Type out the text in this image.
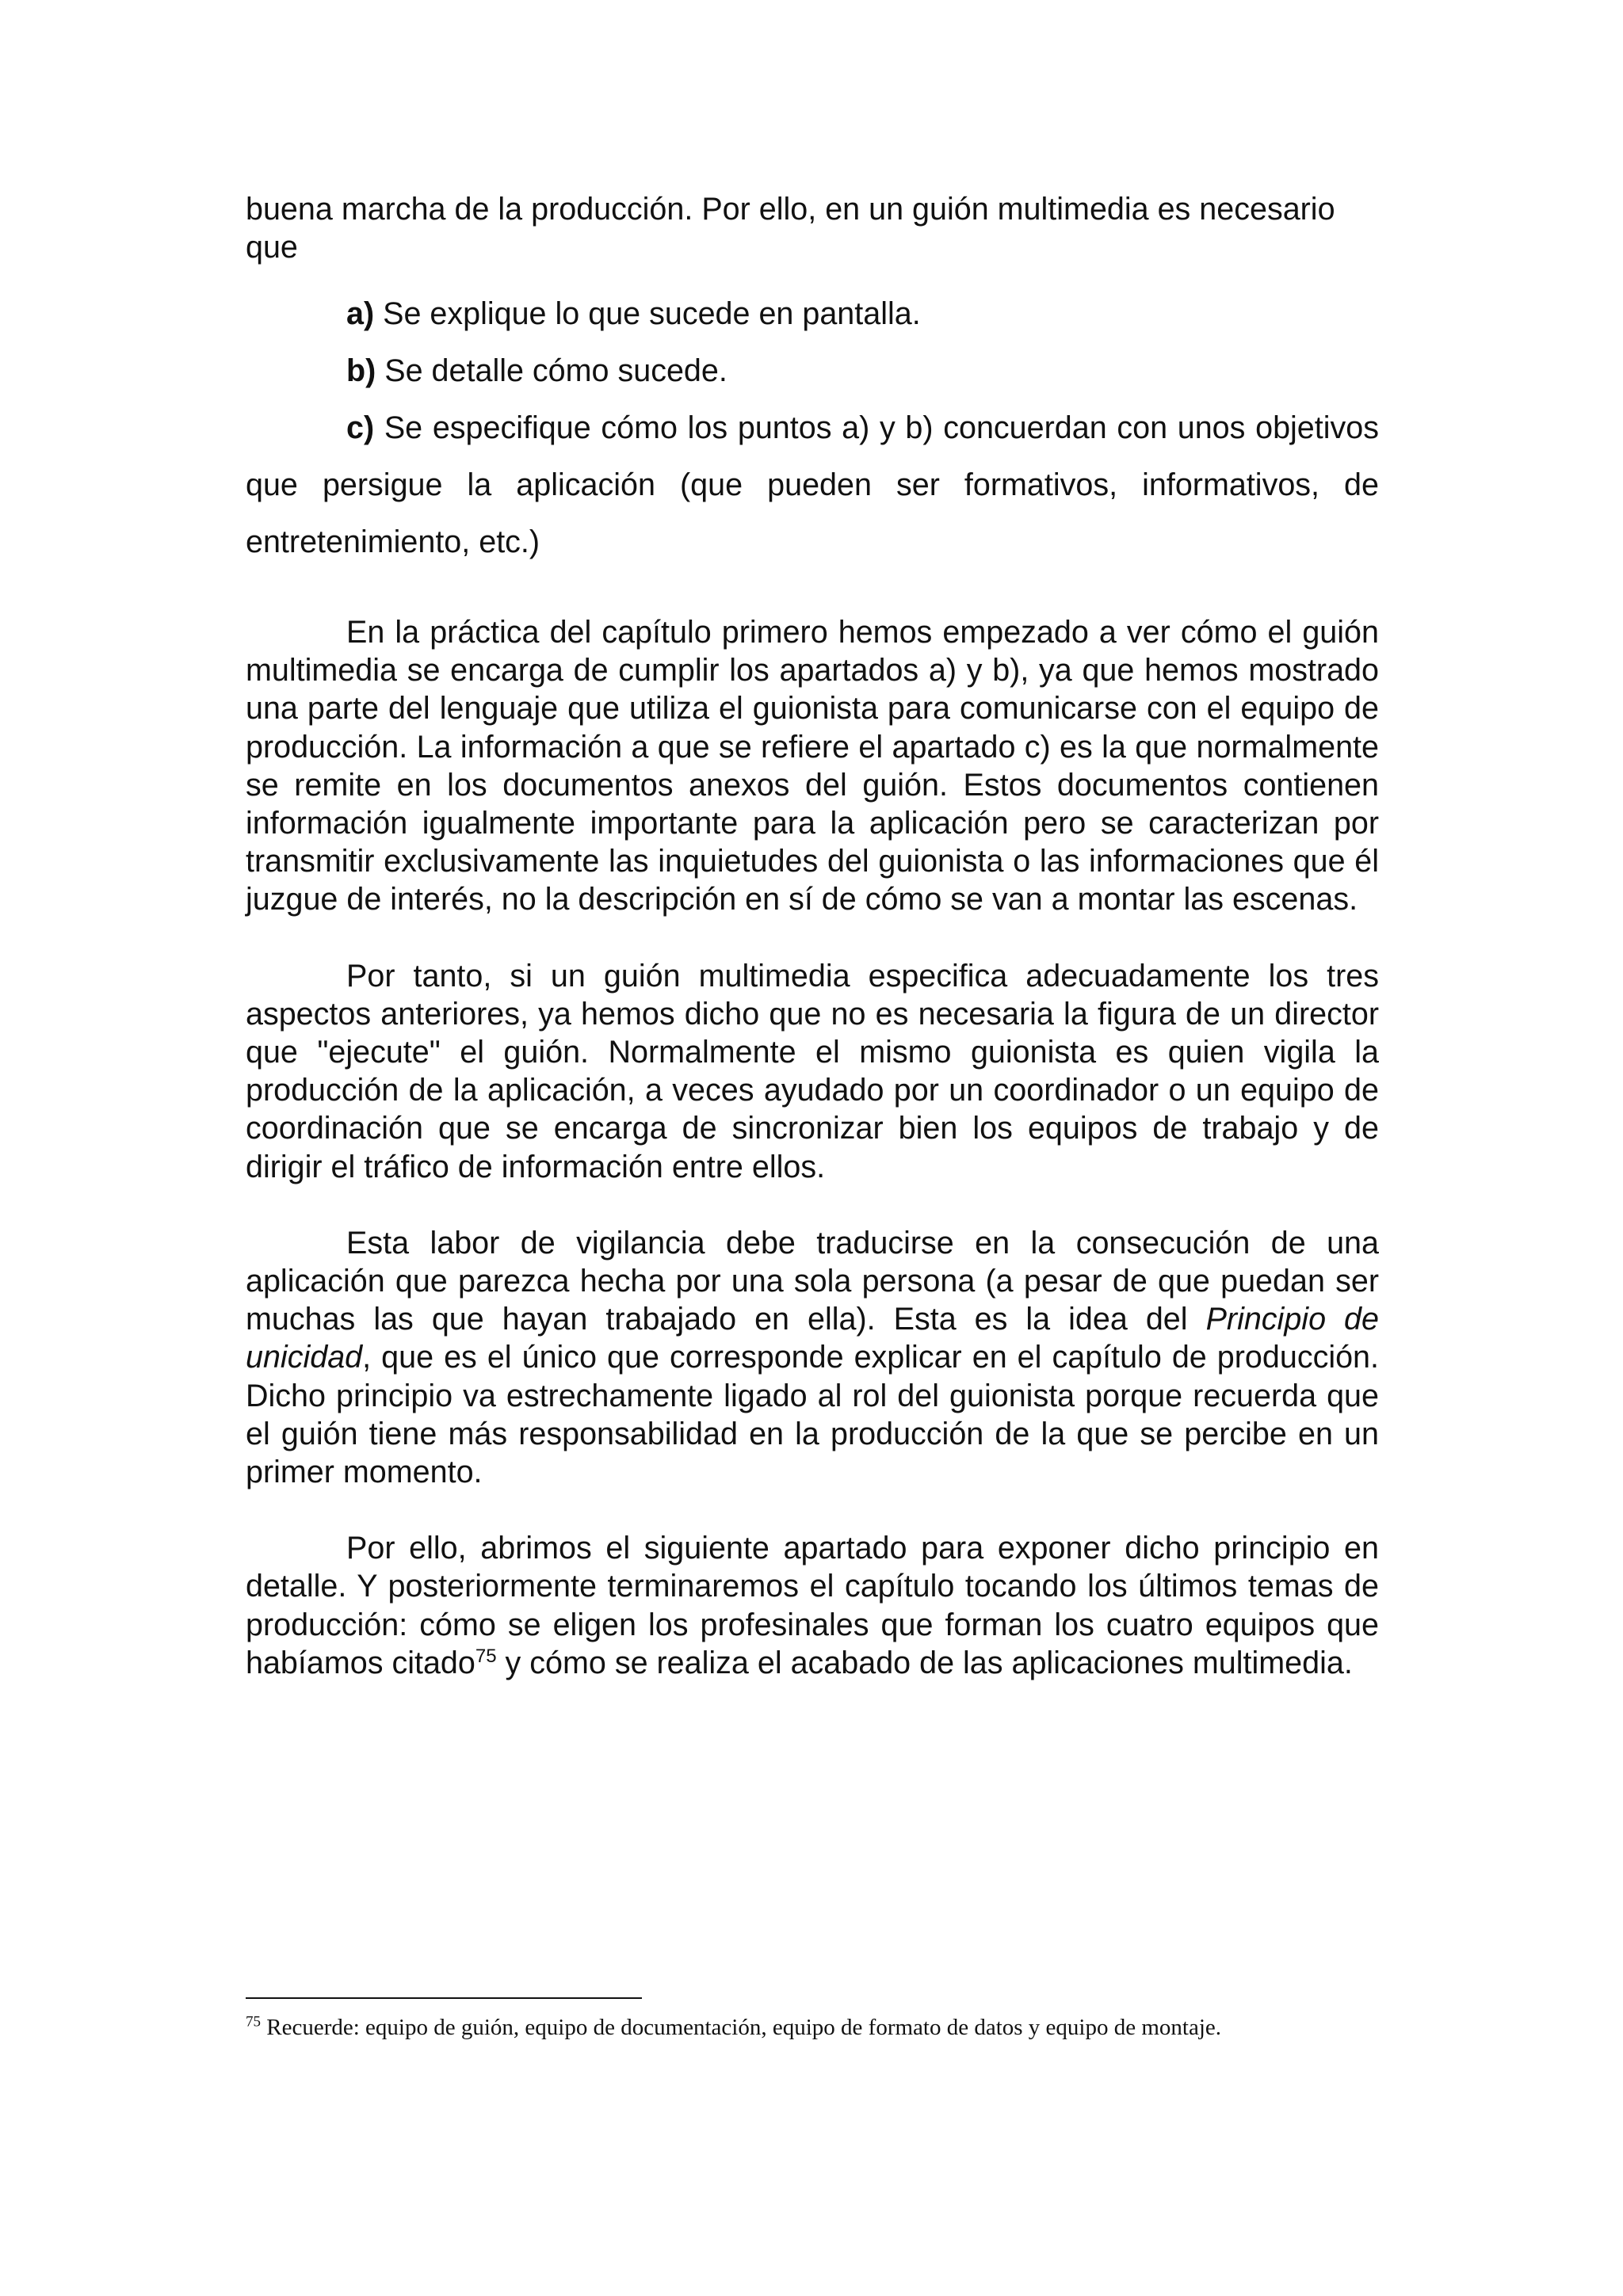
buena marcha de la producción. Por ello, en un guión multimedia es necesario que

a) Se explique lo que sucede en pantalla.

b) Se detalle cómo sucede.

c) Se especifique cómo los puntos a) y b) concuerdan con unos objetivos que persigue la aplicación (que pueden ser formativos, informativos, de entretenimiento, etc.)

En la práctica del capítulo primero hemos empezado a ver cómo el guión multimedia se encarga de cumplir los apartados a) y b), ya que hemos mostrado una parte del lenguaje que utiliza el guionista para comunicarse con el equipo de producción. La información a que se refiere el apartado c) es la que normalmente se remite en los documentos anexos del guión. Estos documentos contienen información igualmente importante para la aplicación pero se caracterizan por transmitir exclusivamente las inquietudes del guionista o las informaciones que él juzgue de interés, no la descripción en sí de cómo se van a montar las escenas.

Por tanto, si un guión multimedia especifica adecuadamente los tres aspectos anteriores, ya hemos dicho que no es necesaria la figura de un director que "ejecute" el guión. Normalmente el mismo guionista es quien vigila la producción de la aplicación, a veces ayudado por un coordinador o un equipo de coordinación que se encarga de sincronizar bien los equipos de trabajo y de dirigir el tráfico de información entre ellos.

Esta labor de vigilancia debe traducirse en la consecución de una aplicación que parezca hecha por una sola persona (a pesar de que puedan ser muchas las que hayan trabajado en ella). Esta es la idea del Principio de unicidad, que es el único que corresponde explicar en el capítulo de producción. Dicho principio va estrechamente ligado al rol del guionista porque recuerda que el guión tiene más responsabilidad en la producción de la que se percibe en un primer momento.

Por ello, abrimos el siguiente apartado para exponer dicho principio en detalle. Y posteriormente terminaremos el capítulo tocando los últimos temas de producción: cómo se eligen los profesinales que forman los cuatro equipos que habíamos citado$^{75}$ y cómo se realiza el acabado de las aplicaciones multimedia.

$^{75}$ Recuerde: equipo de guión, equipo de documentación, equipo de formato de datos y equipo de montaje.
